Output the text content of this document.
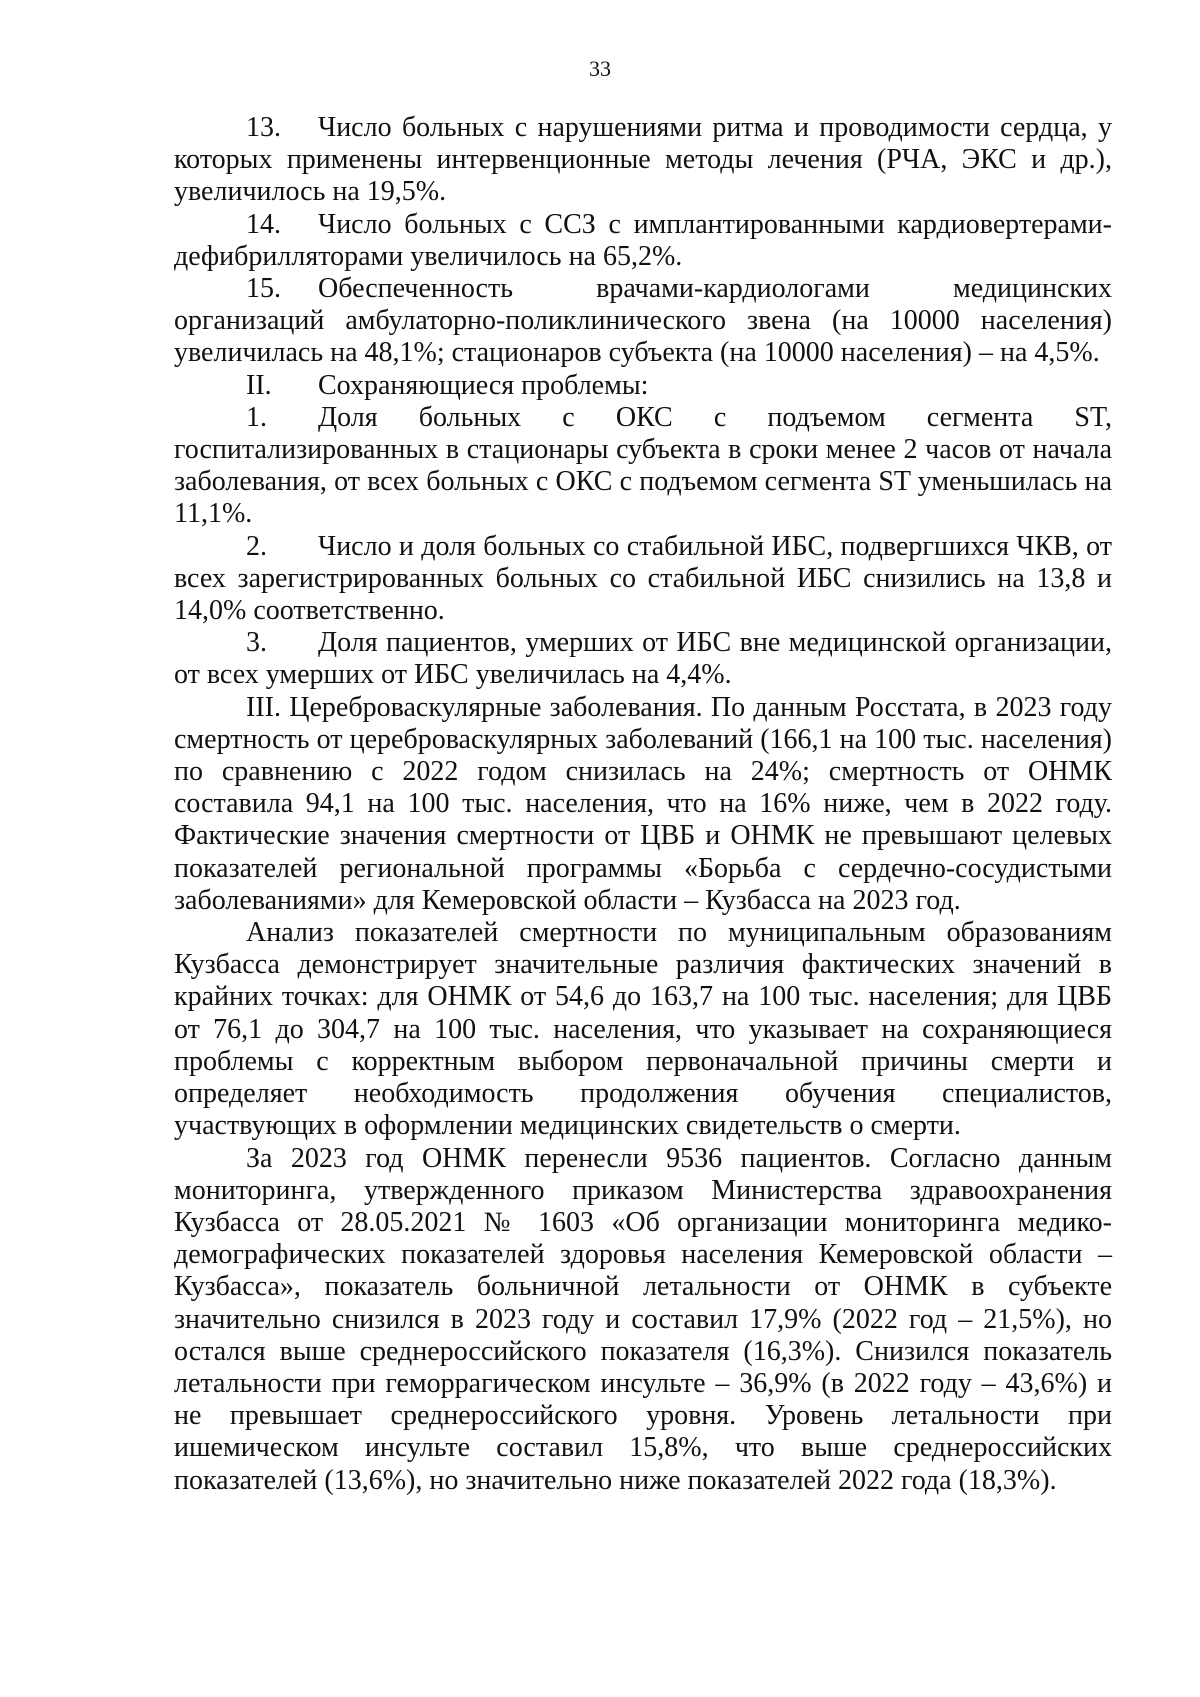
33

13. Число больных с нарушениями ритма и проводимости сердца, у которых применены интервенционные методы лечения (РЧА, ЭКС и др.), увеличилось на 19,5%.

14. Число больных с ССЗ с имплантированными кардиовертерами-дефибрилляторами увеличилось на 65,2%.

15. Обеспеченность врачами-кардиологами медицинских организаций амбулаторно-поликлинического звена (на 10000 населения) увеличилась на 48,1%; стационаров субъекта (на 10000 населения) – на 4,5%.

II. Сохраняющиеся проблемы:

1. Доля больных с ОКС с подъемом сегмента ST, госпитализированных в стационары субъекта в сроки менее 2 часов от начала заболевания, от всех больных с ОКС с подъемом сегмента ST уменьшилась на 11,1%.

2. Число и доля больных со стабильной ИБС, подвергшихся ЧКВ, от всех зарегистрированных больных со стабильной ИБС снизились на 13,8 и 14,0% соответственно.

3. Доля пациентов, умерших от ИБС вне медицинской организации, от всех умерших от ИБС увеличилась на 4,4%.

III. Цереброваскулярные заболевания. По данным Росстата, в 2023 году смертность от цереброваскулярных заболеваний (166,1 на 100 тыс. населения) по сравнению с 2022 годом снизилась на 24%; смертность от ОНМК составила 94,1 на 100 тыс. населения, что на 16% ниже, чем в 2022 году. Фактические значения смертности от ЦВБ и ОНМК не превышают целевых показателей региональной программы «Борьба с сердечно-сосудистыми заболеваниями» для Кемеровской области – Кузбасса на 2023 год.

Анализ показателей смертности по муниципальным образованиям Кузбасса демонстрирует значительные различия фактических значений в крайних точках: для ОНМК от 54,6 до 163,7 на 100 тыс. населения; для ЦВБ от 76,1 до 304,7 на 100 тыс. населения, что указывает на сохраняющиеся проблемы с корректным выбором первоначальной причины смерти и определяет необходимость продолжения обучения специалистов, участвующих в оформлении медицинских свидетельств о смерти.

За 2023 год ОНМК перенесли 9536 пациентов. Согласно данным мониторинга, утвержденного приказом Министерства здравоохранения Кузбасса от 28.05.2021 № 1603 «Об организации мониторинга медико-демографических показателей здоровья населения Кемеровской области – Кузбасса», показатель больничной летальности от ОНМК в субъекте значительно снизился в 2023 году и составил 17,9% (2022 год – 21,5%), но остался выше среднероссийского показателя (16,3%). Снизился показатель летальности при геморрагическом инсульте – 36,9% (в 2022 году – 43,6%) и не превышает среднероссийского уровня. Уровень летальности при ишемическом инсульте составил 15,8%, что выше среднероссийских показателей (13,6%), но значительно ниже показателей 2022 года (18,3%).
